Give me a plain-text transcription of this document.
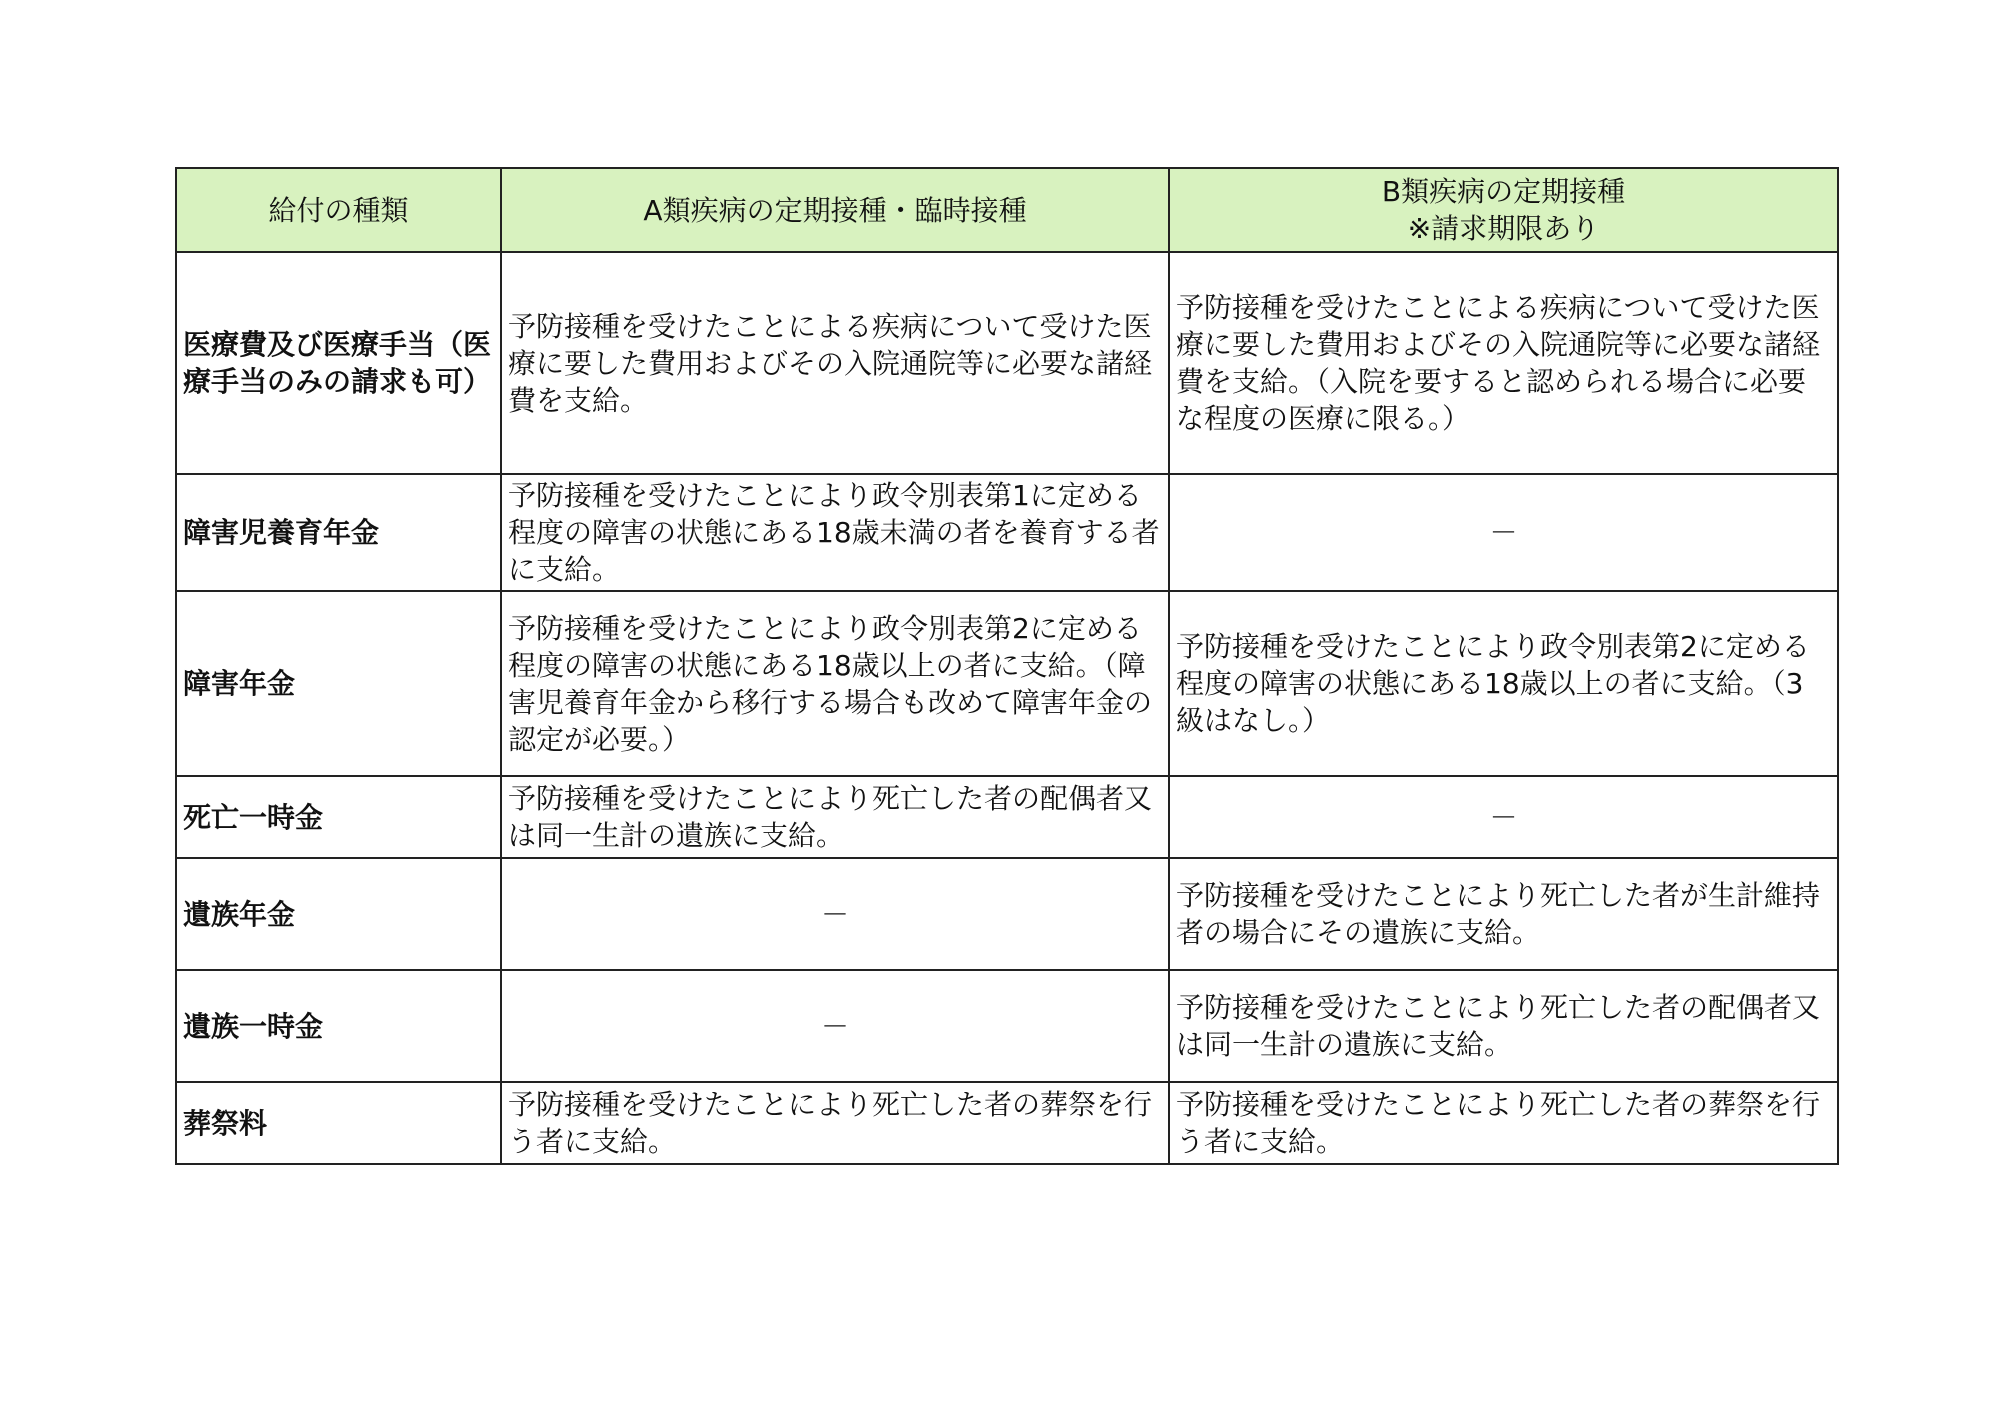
給付の種類	A類疾病の定期接種・臨時接種	B類疾病の定期接種
※請求期限あり

医療費及び医療手当（医療手当のみの請求も可）	予防接種を受けたことによる疾病について受けた医療に要した費用およびその入院通院等に必要な諸経費を支給。	予防接種を受けたことによる疾病について受けた医療に要した費用およびその入院通院等に必要な諸経費を支給。（入院を要すると認められる場合に必要な程度の医療に限る。）
障害児養育年金	予防接種を受けたことにより政令別表第1に定める程度の障害の状態にある18歳未満の者を養育する者に支給。	－
障害年金	予防接種を受けたことにより政令別表第2に定める程度の障害の状態にある18歳以上の者に支給。（障害児養育年金から移行する場合も改めて障害年金の認定が必要。）	予防接種を受けたことにより政令別表第2に定める程度の障害の状態にある18歳以上の者に支給。（3級はなし。）
死亡一時金	予防接種を受けたことにより死亡した者の配偶者又は同一生計の遺族に支給。	－
遺族年金	－	予防接種を受けたことにより死亡した者が生計維持者の場合にその遺族に支給。
遺族一時金	－	予防接種を受けたことにより死亡した者の配偶者又は同一生計の遺族に支給。
葬祭料	予防接種を受けたことにより死亡した者の葬祭を行う者に支給。	予防接種を受けたことにより死亡した者の葬祭を行う者に支給。
